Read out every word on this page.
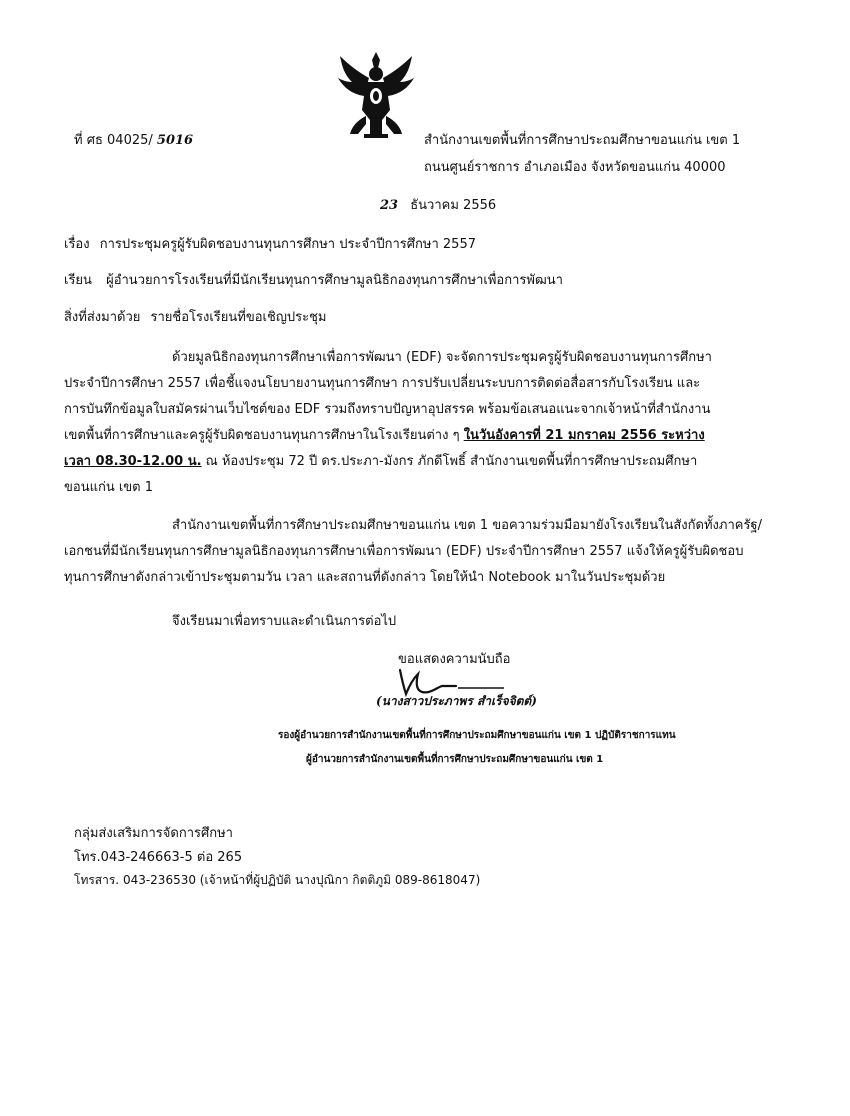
ที่ ศธ 04025/ 5016	สำนักงานเขตพื้นที่การศึกษาประถมศึกษาขอนแก่น เขต 1
ถนนศูนย์ราชการ อำเภอเมือง จังหวัดขอนแก่น 40000
23 ธันวาคม 2556
เรื่อง การประชุมครูผู้รับผิดชอบงานทุนการศึกษา ประจำปีการศึกษา 2557
เรียน ผู้อำนวยการโรงเรียนที่มีนักเรียนทุนการศึกษามูลนิธิกองทุนการศึกษาเพื่อการพัฒนา
สิ่งที่ส่งมาด้วย รายชื่อโรงเรียนที่ขอเชิญประชุม
ด้วยมูลนิธิกองทุนการศึกษาเพื่อการพัฒนา (EDF) จะจัดการประชุมครูผู้รับผิดชอบงานทุนการศึกษา
ประจำปีการศึกษา 2557 เพื่อชี้แจงนโยบายงานทุนการศึกษา การปรับเปลี่ยนระบบการติดต่อสื่อสารกับโรงเรียน และ
การบันทึกข้อมูลใบสมัครผ่านเว็บไซต์ของ EDF รวมถึงทราบปัญหาอุปสรรค พร้อมข้อเสนอแนะจากเจ้าหน้าที่สำนักงาน
เขตพื้นที่การศึกษาและครูผู้รับผิดชอบงานทุนการศึกษาในโรงเรียนต่าง ๆ ในวันอังคารที่ 21 มกราคม 2556 ระหว่าง
เวลา 08.30-12.00 น. ณ ห้องประชุม 72 ปี ดร.ประภา-มังกร ภักดีโพธิ์ สำนักงานเขตพื้นที่การศึกษาประถมศึกษา
ขอนแก่น เขต 1
สำนักงานเขตพื้นที่การศึกษาประถมศึกษาขอนแก่น เขต 1 ขอความร่วมมือมายังโรงเรียนในสังกัดทั้งภาครัฐ/
เอกชนที่มีนักเรียนทุนการศึกษามูลนิธิกองทุนการศึกษาเพื่อการพัฒนา (EDF) ประจำปีการศึกษา 2557 แจ้งให้ครูผู้รับผิดชอบ
ทุนการศึกษาดังกล่าวเข้าประชุมตามวัน เวลา และสถานที่ดังกล่าว โดยให้นำ Notebook มาในวันประชุมด้วย
จึงเรียนมาเพื่อทราบและดำเนินการต่อไป
ขอแสดงความนับถือ
(นางสาวประภาพร สำเร็จจิตต์)
รองผู้อำนวยการสำนักงานเขตพื้นที่การศึกษาประถมศึกษาขอนแก่น เขต 1 ปฏิบัติราชการแทน
ผู้อำนวยการสำนักงานเขตพื้นที่การศึกษาประถมศึกษาขอนแก่น เขต 1
กลุ่มส่งเสริมการจัดการศึกษา
โทร.043-246663-5 ต่อ 265
โทรสาร. 043-236530 (เจ้าหน้าที่ผู้ปฏิบัติ นางปุณิกา กิตติภูมิ 089-8618047)
